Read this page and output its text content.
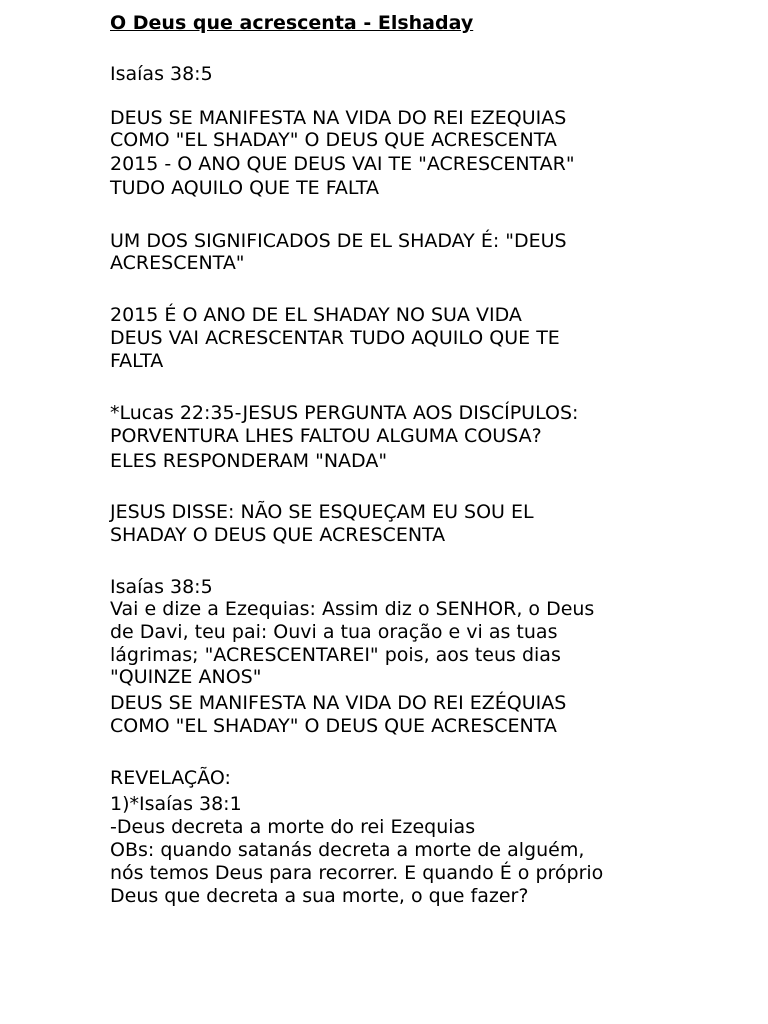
O Deus que acrescenta - Elshaday
Isaías 38:5
DEUS SE MANIFESTA NA VIDA DO REI EZEQUIAS
COMO "EL SHADAY" O DEUS QUE ACRESCENTA
2015 - O ANO QUE DEUS VAI TE "ACRESCENTAR"
TUDO AQUILO QUE TE FALTA
UM DOS SIGNIFICADOS DE EL SHADAY É: "DEUS
ACRESCENTA"
2015 É O ANO DE EL SHADAY NO SUA VIDA
DEUS VAI ACRESCENTAR TUDO AQUILO QUE TE
FALTA
*Lucas 22:35-JESUS PERGUNTA AOS DISCÍPULOS:
PORVENTURA LHES FALTOU ALGUMA COUSA?
ELES RESPONDERAM "NADA"
JESUS DISSE: NÃO SE ESQUEÇAM EU SOU EL
SHADAY O DEUS QUE ACRESCENTA
Isaías 38:5
Vai e dize a Ezequias: Assim diz o SENHOR, o Deus
de Davi, teu pai: Ouvi a tua oração e vi as tuas
lágrimas; "ACRESCENTAREI" pois, aos teus dias
"QUINZE ANOS"
DEUS SE MANIFESTA NA VIDA DO REI EZÉQUIAS
COMO "EL SHADAY" O DEUS QUE ACRESCENTA
REVELAÇÃO:
1)*Isaías 38:1
-Deus decreta a morte do rei Ezequias
OBs: quando satanás decreta a morte de alguém,
nós temos Deus para recorrer. E quando É o próprio
Deus que decreta a sua morte, o que fazer?
